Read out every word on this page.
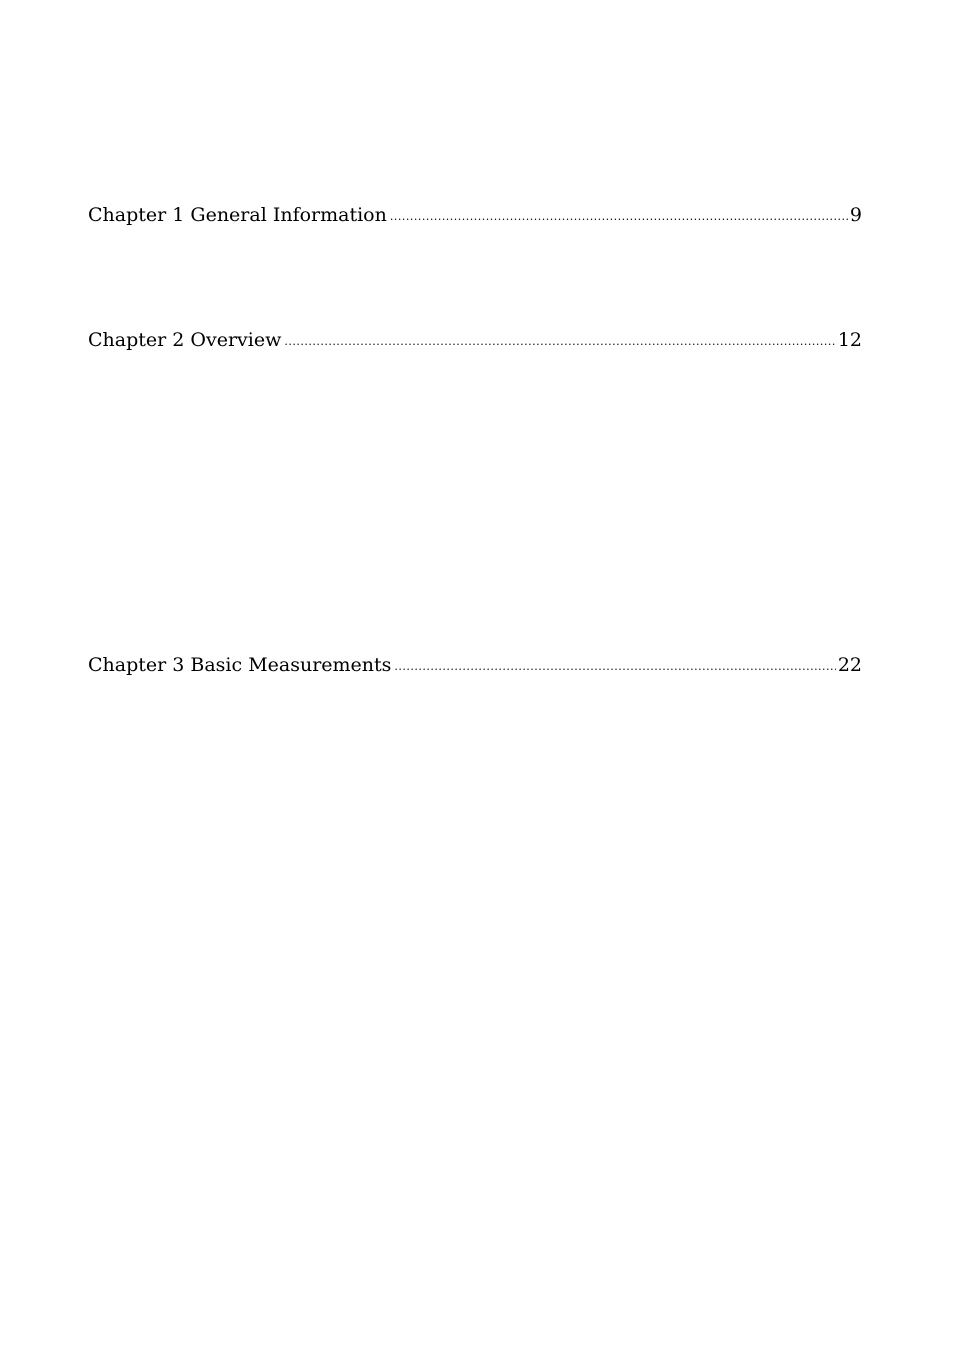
Chapter 1 General Information .....	9
Chapter 2 Overview .....	12
Chapter 3 Basic Measurements .....	22
